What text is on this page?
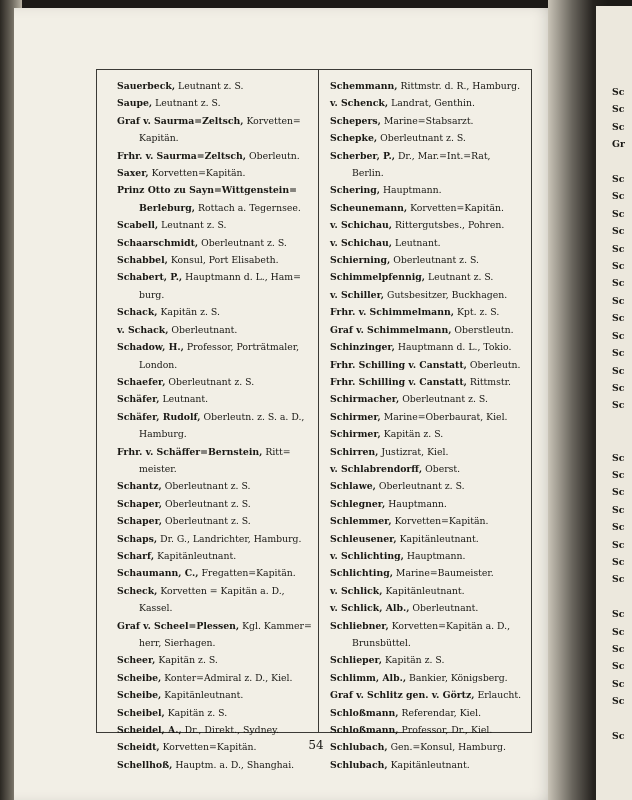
Sauerbeck, Leutnant z. S.
Saupe, Leutnant z. S.
Graf v. Saurma=Zeltsch, Korvetten=
Kapitän.
Frhr. v. Saurma=Zeltsch, Oberleutn.
Saxer, Korvetten=Kapitän.
Prinz Otto zu Sayn=Wittgenstein=
Berleburg, Rottach a. Tegernsee.
Scabell, Leutnant z. S.
Schaarschmidt, Oberleutnant z. S.
Schabbel, Konsul, Port Elisabeth.
Schabert, P., Hauptmann d. L., Ham=
burg.
Schack, Kapitän z. S.
v. Schack, Oberleutnant.
Schadow, H., Professor, Porträtmaler,
London.
Schaefer, Oberleutnant z. S.
Schäfer, Leutnant.
Schäfer, Rudolf, Oberleutn. z. S. a. D.,
Hamburg.
Frhr. v. Schäffer=Bernstein, Ritt=
meister.
Schantz, Oberleutnant z. S.
Schaper, Oberleutnant z. S.
Schaper, Oberleutnant z. S.
Schaps, Dr. G., Landrichter, Hamburg.
Scharf, Kapitänleutnant.
Schaumann, C., Fregatten=Kapitän.
Scheck, Korvetten = Kapitän a. D.,
Kassel.
Graf v. Scheel=Plessen, Kgl. Kammer=
herr, Sierhagen.
Scheer, Kapitän z. S.
Scheibe, Konter=Admiral z. D., Kiel.
Scheibe, Kapitänleutnant.
Scheibel, Kapitän z. S.
Scheidel, A., Dr., Direkt., Sydney.
Scheidt, Korvetten=Kapitän.
Schellhoß, Hauptm. a. D., Shanghai.
Schemmann, Rittmstr. d. R., Hamburg.
v. Schenck, Landrat, Genthin.
Schepers, Marine=Stabsarzt.
Schepke, Oberleutnant z. S.
Scherber, P., Dr., Mar.=Int.=Rat,
Berlin.
Schering, Hauptmann.
Scheunemann, Korvetten=Kapitän.
v. Schichau, Rittergutsbes., Pohren.
v. Schichau, Leutnant.
Schierning, Oberleutnant z. S.
Schimmelpfennig, Leutnant z. S.
v. Schiller, Gutsbesitzer, Buckhagen.
Frhr. v. Schimmelmann, Kpt. z. S.
Graf v. Schimmelmann, Oberstleutn.
Schinzinger, Hauptmann d. L., Tokio.
Frhr. Schilling v. Canstatt, Oberleutn.
Frhr. Schilling v. Canstatt, Rittmstr.
Schirmacher, Oberleutnant z. S.
Schirmer, Marine=Oberbaurat, Kiel.
Schirmer, Kapitän z. S.
Schirren, Justizrat, Kiel.
v. Schlabrendorff, Oberst.
Schlawe, Oberleutnant z. S.
Schlegner, Hauptmann.
Schlemmer, Korvetten=Kapitän.
Schleusener, Kapitänleutnant.
v. Schlichting, Hauptmann.
Schlichting, Marine=Baumeister.
v. Schlick, Kapitänleutnant.
v. Schlick, Alb., Oberleutnant.
Schliebner, Korvetten=Kapitän a. D.,
Brunsbüttel.
Schlieper, Kapitän z. S.
Schlimm, Alb., Bankier, Königsberg.
Graf v. Schlitz gen. v. Görtz, Erlaucht.
Schloßmann, Referendar, Kiel.
Schloßmann, Professor, Dr., Kiel.
Schlubach, Gen.=Konsul, Hamburg.
Schlubach, Kapitänleutnant.
Sc
Sc
Sc
Gr

Sc
Sc
Sc
Sc
Sc
Sc
Sc
Sc
Sc
Sc
Sc
Sc
Sc
Sc

Sc
Sc
Sc
Sc
Sc
Sc
Sc
Sc

Sc
Sc
Sc
Sc
Sc
Sc

Sc
54
